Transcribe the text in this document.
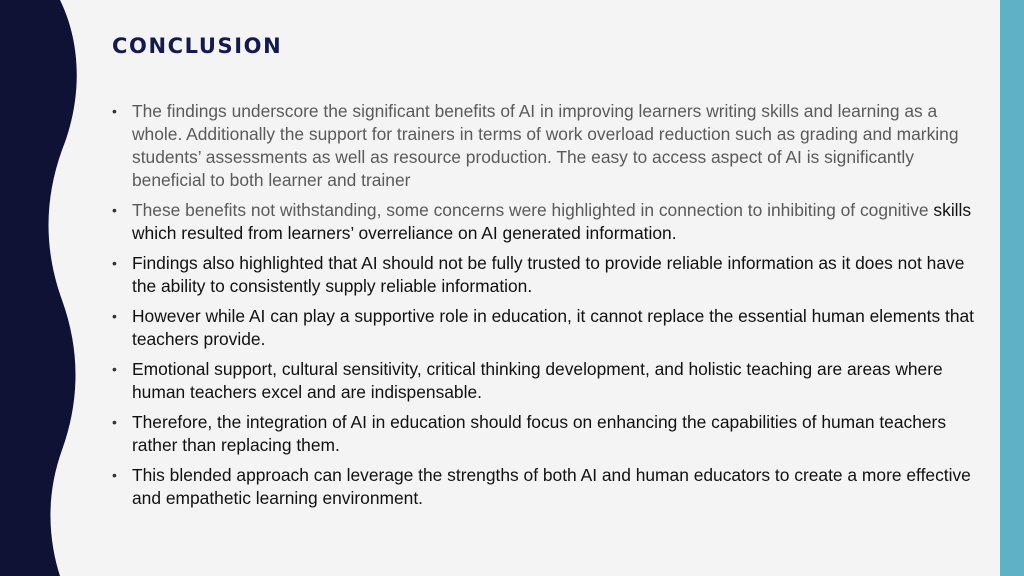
CONCLUSION
• The findings underscore the significant benefits of AI in improving learners writing skills and learning as a whole. Additionally the support for trainers in terms of work overload reduction such as grading and marking students’ assessments as well as resource production. The easy to access aspect of AI is significantly beneficial to both learner and trainer
• These benefits not withstanding, some concerns were highlighted in connection to inhibiting of cognitive skills which resulted from learners’ overreliance on AI generated information.
• Findings also highlighted that AI should not be fully trusted to provide reliable information as it does not have the ability to consistently supply reliable information.
• However while AI can play a supportive role in education, it cannot replace the essential human elements that teachers provide.
• Emotional support, cultural sensitivity, critical thinking development, and holistic teaching are areas where human teachers excel and are indispensable.
• Therefore, the integration of AI in education should focus on enhancing the capabilities of human teachers rather than replacing them.
• This blended approach can leverage the strengths of both AI and human educators to create a more effective and empathetic learning environment.
